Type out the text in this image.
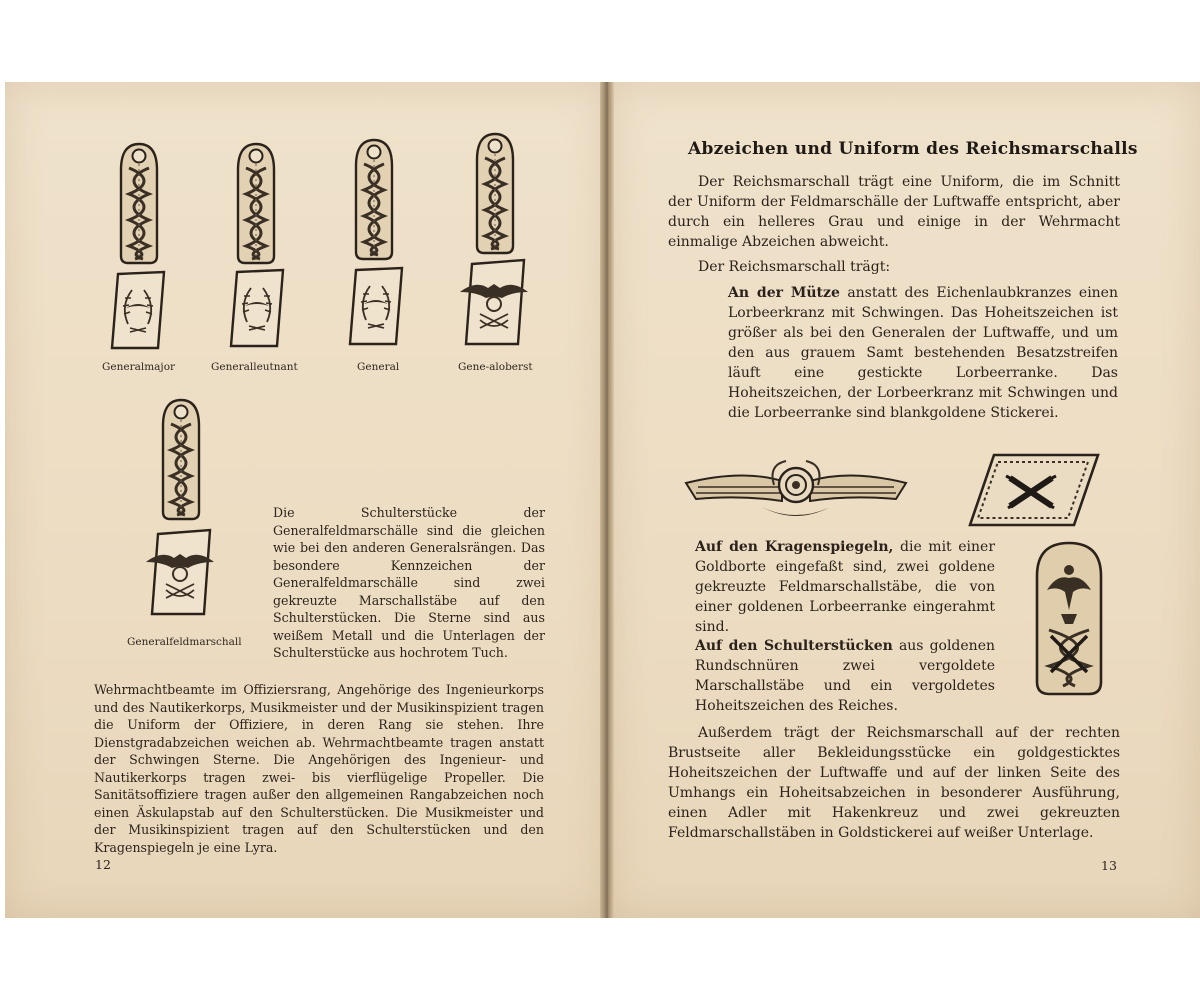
Generalmajor	Generalleutnant	General	Gene-aloberst
Generalfeldmarschall
Die Schulterstücke der Generalfeldmarschälle sind die gleichen wie bei den anderen Generalsrängen. Das besondere Kennzeichen der Generalfeldmarschälle sind zwei gekreuzte Marschallstäbe auf den Schulterstücken. Die Sterne sind aus weißem Metall und die Unterlagen der Schulterstücke aus hochrotem Tuch.
Wehrmachtbeamte im Offiziersrang, Angehörige des Ingenieurkorps und des Nautikerkorps, Musikmeister und der Musikinspizient tragen die Uniform der Offiziere, in deren Rang sie stehen. Ihre Dienstgradabzeichen weichen ab. Wehrmachtbeamte tragen anstatt der Schwingen Sterne. Die Angehörigen des Ingenieur- und Nautikerkorps tragen zwei- bis vierflügelige Propeller. Die Sanitätsoffiziere tragen außer den allgemeinen Rangabzeichen noch einen Äskulapstab auf den Schulterstücken. Die Musikmeister und der Musikinspizient tragen auf den Schulterstücken und den Kragenspiegeln je eine Lyra.
12
Abzeichen und Uniform des Reichsmarschalls
Der Reichsmarschall trägt eine Uniform, die im Schnitt der Uniform der Feldmarschälle der Luftwaffe entspricht, aber durch ein helleres Grau und einige in der Wehrmacht einmalige Abzeichen abweicht.
Der Reichsmarschall trägt:
An der Mütze anstatt des Eichenlaubkranzes einen Lorbeerkranz mit Schwingen. Das Hoheitszeichen ist größer als bei den Generalen der Luftwaffe, und um den aus grauem Samt bestehenden Besatzstreifen läuft eine gestickte Lorbeerranke. Das Hoheitszeichen, der Lorbeerkranz mit Schwingen und die Lorbeerranke sind blankgoldene Stickerei.
Auf den Kragenspiegeln, die mit einer Goldborte eingefaßt sind, zwei goldene gekreuzte Feldmarschallstäbe, die von einer goldenen Lorbeerranke eingerahmt sind.
Auf den Schulterstücken aus goldenen Rundschnüren zwei vergoldete Marschallstäbe und ein vergoldetes Hoheitszeichen des Reiches.
Außerdem trägt der Reichsmarschall auf der rechten Brustseite aller Bekleidungsstücke ein goldgesticktes Hoheitszeichen der Luftwaffe und auf der linken Seite des Umhangs ein Hoheitsabzeichen in besonderer Ausführung, einen Adler mit Hakenkreuz und zwei gekreuzten Feldmarschallstäben in Goldstickerei auf weißer Unterlage.
13
